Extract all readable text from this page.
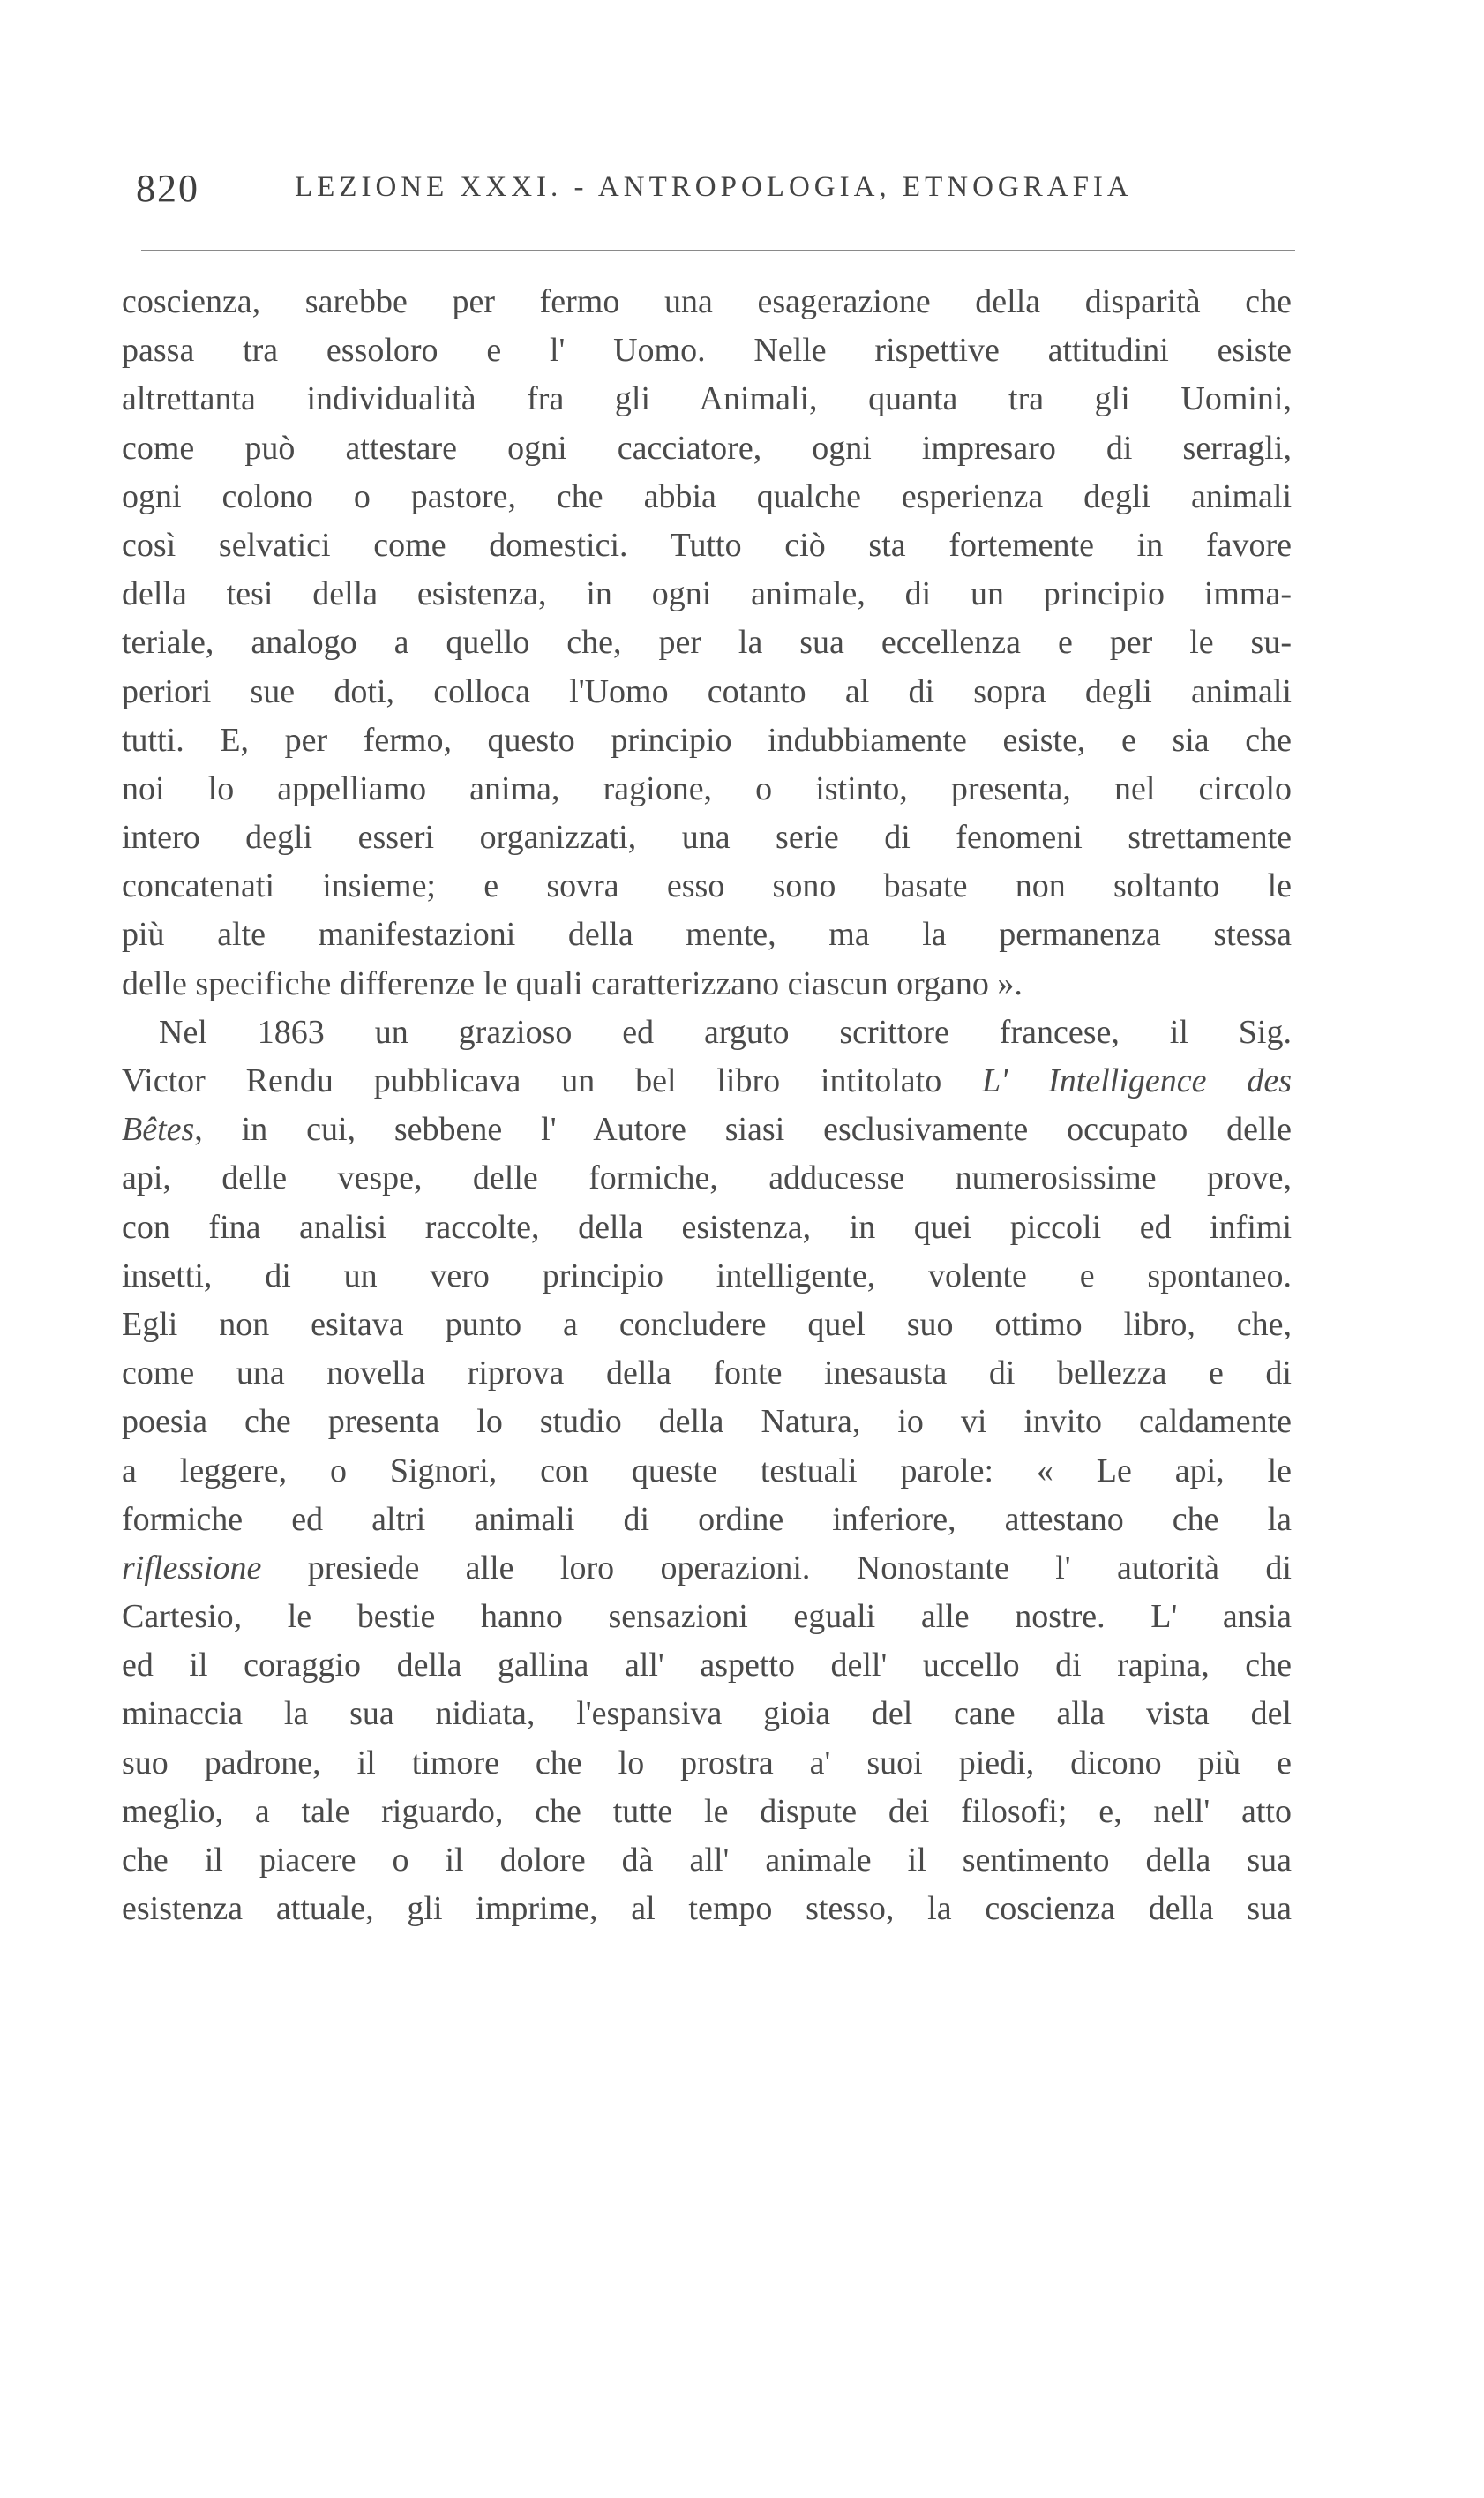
820	LEZIONE XXXI. - ANTROPOLOGIA, ETNOGRAFIA
coscienza, sarebbe per fermo una esagerazione della disparità che
passa tra essoloro e l' Uomo. Nelle rispettive attitudini esiste
altrettanta individualità fra gli Animali, quanta tra gli Uomini,
come può attestare ogni cacciatore, ogni impresaro di serragli,
ogni colono o pastore, che abbia qualche esperienza degli animali
così selvatici come domestici. Tutto ciò sta fortemente in favore
della tesi della esistenza, in ogni animale, di un principio imma-
teriale, analogo a quello che, per la sua eccellenza e per le su-
periori sue doti, colloca l'Uomo cotanto al di sopra degli animali
tutti. E, per fermo, questo principio indubbiamente esiste, e sia che
noi lo appelliamo anima, ragione, o istinto, presenta, nel circolo
intero degli esseri organizzati, una serie di fenomeni strettamente
concatenati insieme; e sovra esso sono basate non soltanto le
più alte manifestazioni della mente, ma la permanenza stessa
delle specifiche differenze le quali caratterizzano ciascun organo ».
Nel 1863 un grazioso ed arguto scrittore francese, il Sig.
Victor Rendu pubblicava un bel libro intitolato L' Intelligence des
Bêtes, in cui, sebbene l' Autore siasi esclusivamente occupato delle
api, delle vespe, delle formiche, adducesse numerosissime prove,
con fina analisi raccolte, della esistenza, in quei piccoli ed infimi
insetti, di un vero principio intelligente, volente e spontaneo.
Egli non esitava punto a concludere quel suo ottimo libro, che,
come una novella riprova della fonte inesausta di bellezza e di
poesia che presenta lo studio della Natura, io vi invito caldamente
a leggere, o Signori, con queste testuali parole: « Le api, le
formiche ed altri animali di ordine inferiore, attestano che la
riflessione presiede alle loro operazioni. Nonostante l' autorità di
Cartesio, le bestie hanno sensazioni eguali alle nostre. L' ansia
ed il coraggio della gallina all' aspetto dell' uccello di rapina, che
minaccia la sua nidiata, l'espansiva gioia del cane alla vista del
suo padrone, il timore che lo prostra a' suoi piedi, dicono più e
meglio, a tale riguardo, che tutte le dispute dei filosofi; e, nell' atto
che il piacere o il dolore dà all' animale il sentimento della sua
esistenza attuale, gli imprime, al tempo stesso, la coscienza della sua
